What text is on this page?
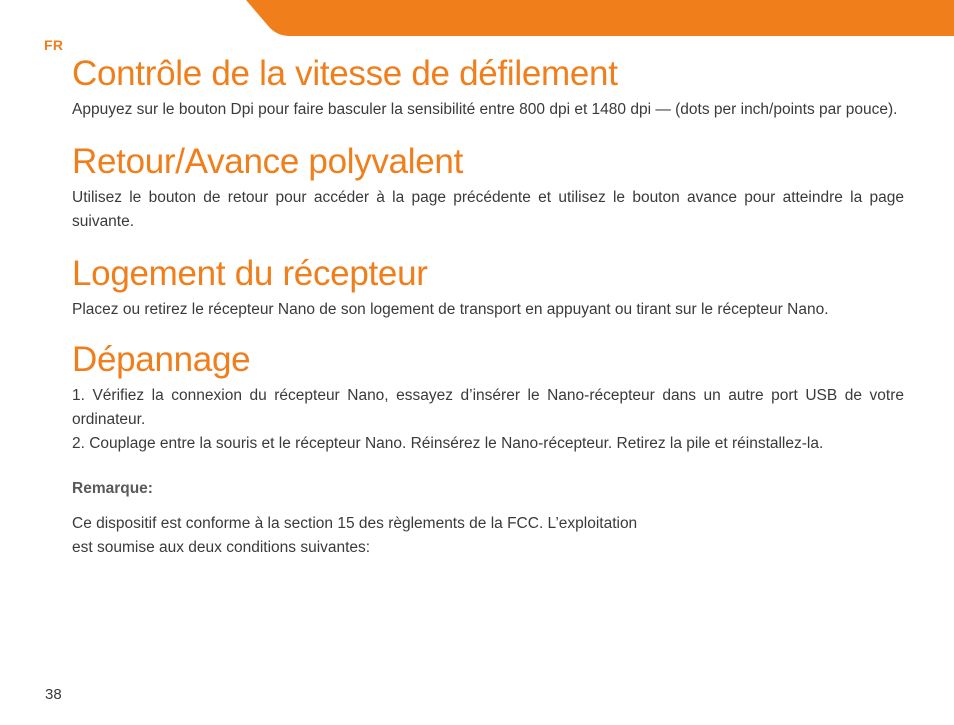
FR
Contrôle de la vitesse de défilement

Appuyez sur le bouton Dpi pour faire basculer la sensibilité entre 800 dpi et 1480 dpi — (dots per inch/points par pouce).

Retour/Avance polyvalent

Utilisez le bouton de retour pour accéder à la page précédente et utilisez le bouton avance pour atteindre la page suivante.

Logement du récepteur

Placez ou retirez le récepteur Nano de son logement de transport en appuyant ou tirant sur le récepteur Nano.

Dépannage
1. Vérifiez la connexion du récepteur Nano, essayez d’insérer le Nano-récepteur dans un autre port USB de votre ordinateur.
2. Couplage entre la souris et le récepteur Nano. Réinsérez le Nano-récepteur. Retirez la pile et réinstallez-la.
Remarque:

Ce dispositif est conforme à la section 15 des règlements de la FCC. L’exploitation
est soumise aux deux conditions suivantes:

38
